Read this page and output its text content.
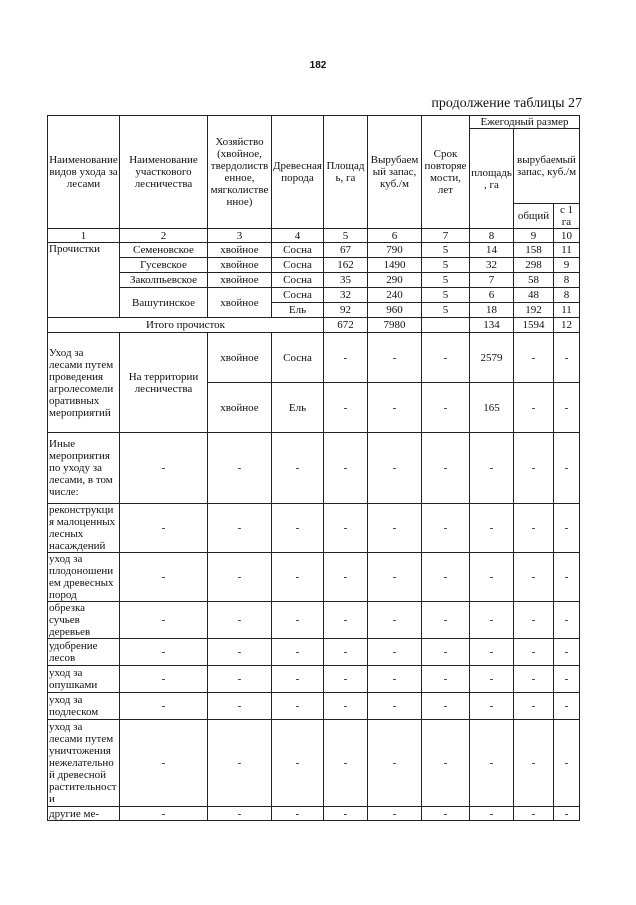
182
продолжение таблицы 27
Наименование видов ухода за лесами	Наименование участкового лесничества	Хозяйство (хвойное, твердолиственное, мягколиственное)	Древесная порода	Площадь, га	Вырубаемый запас, куб./м	Срок повторяемости, лет	Ежегодный размер		
							площадь, га	вырубаемый запас, куб./м	
								общий	с 1 га
1	2	3	4	5	6	7	8	9	10
Прочистки	Семеновское	хвойное	Сосна	67	790	5	14	158	11
	Гусевское	хвойное	Сосна	162	1490	5	32	298	9
	Заколпьевское	хвойное	Сосна	35	290	5	7	58	8
	Вашутинское	хвойное	Сосна	32	240	5	6	48	8
			Ель	92	960	5	18	192	11
Итого прочисток				672	7980		134	1594	12
Уход за лесами путем проведения агролесомелиоративных мероприятий	На территории лесничества	хвойное	Сосна	-	-	-	2579	-	-
		хвойное	Ель	-	-	-	165	-	-
Иные мероприятия по уходу за лесами, в том числе:	-	-	-	-	-	-	-	-	-
реконструкция малоценных лесных насаждений	-	-	-	-	-	-	-	-	-
уход за плодоношением древесных пород	-	-	-	-	-	-	-	-	-
обрезка сучьев деревьев	-	-	-	-	-	-	-	-	-
удобрение лесов	-	-	-	-	-	-	-	-	-
уход за опушками	-	-	-	-	-	-	-	-	-
уход за подлеском	-	-	-	-	-	-	-	-	-
уход за лесами путем уничтожения нежелательной древесной растительности	-	-	-	-	-	-	-	-	-
другие ме-	-	-	-	-	-	-	-	-	-
